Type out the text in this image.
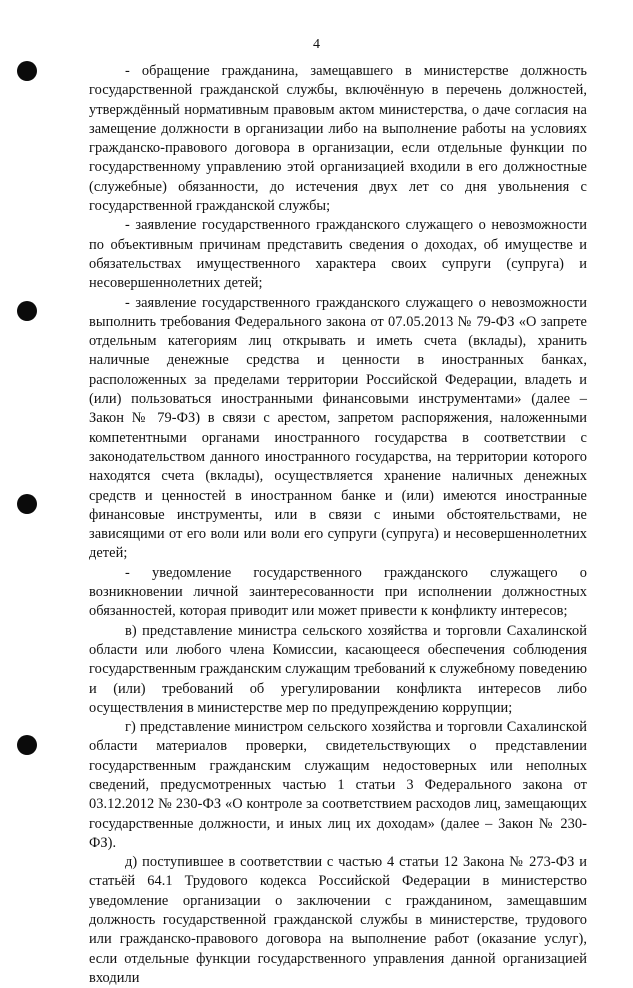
4

- обращение гражданина, замещавшего в министерстве должность государственной гражданской службы, включённую в перечень должностей, утверждённый нормативным правовым актом министерства, о даче согласия на замещение должности в организации либо на выполнение работы на условиях гражданско-правового договора в организации, если отдельные функции по государственному управлению этой организацией входили в его должностные (служебные) обязанности, до истечения двух лет со дня увольнения с государственной гражданской службы;

- заявление государственного гражданского служащего о невозможности по объективным причинам представить сведения о доходах, об имуществе и обязательствах имущественного характера своих супруги (супруга) и несовершеннолетних детей;

- заявление государственного гражданского служащего о невозможности выполнить требования Федерального закона от 07.05.2013 № 79-ФЗ «О запрете отдельным категориям лиц открывать и иметь счета (вклады), хранить наличные денежные средства и ценности в иностранных банках, расположенных за пределами территории Российской Федерации, владеть и (или) пользоваться иностранными финансовыми инструментами» (далее – Закон № 79-ФЗ) в связи с арестом, запретом распоряжения, наложенными компетентными органами иностранного государства в соответствии с законодательством данного иностранного государства, на территории которого находятся счета (вклады), осуществляется хранение наличных денежных средств и ценностей в иностранном банке и (или) имеются иностранные финансовые инструменты, или в связи с иными обстоятельствами, не зависящими от его воли или воли его супруги (супруга) и несовершеннолетних детей;

- уведомление государственного гражданского служащего о возникновении личной заинтересованности при исполнении должностных обязанностей, которая приводит или может привести к конфликту интересов;

в) представление министра сельского хозяйства и торговли Сахалинской области или любого члена Комиссии, касающееся обеспечения соблюдения государственным гражданским служащим требований к служебному поведению и (или) требований об урегулировании конфликта интересов либо осуществления в министерстве мер по предупреждению коррупции;

г) представление министром сельского хозяйства и торговли Сахалинской области материалов проверки, свидетельствующих о представлении государственным гражданским служащим недостоверных или неполных сведений, предусмотренных частью 1 статьи 3 Федерального закона от 03.12.2012 № 230-ФЗ «О контроле за соответствием расходов лиц, замещающих государственные должности, и иных лиц их доходам» (далее – Закон № 230-ФЗ).

д) поступившее в соответствии с частью 4 статьи 12 Закона № 273-ФЗ и статьёй 64.1 Трудового кодекса Российской Федерации в министерство уведомление организации о заключении с гражданином, замещавшим должность государственной гражданской службы в министерстве, трудового или гражданско-правового договора на выполнение работ (оказание услуг), если отдельные функции государственного управления данной организацией входили
